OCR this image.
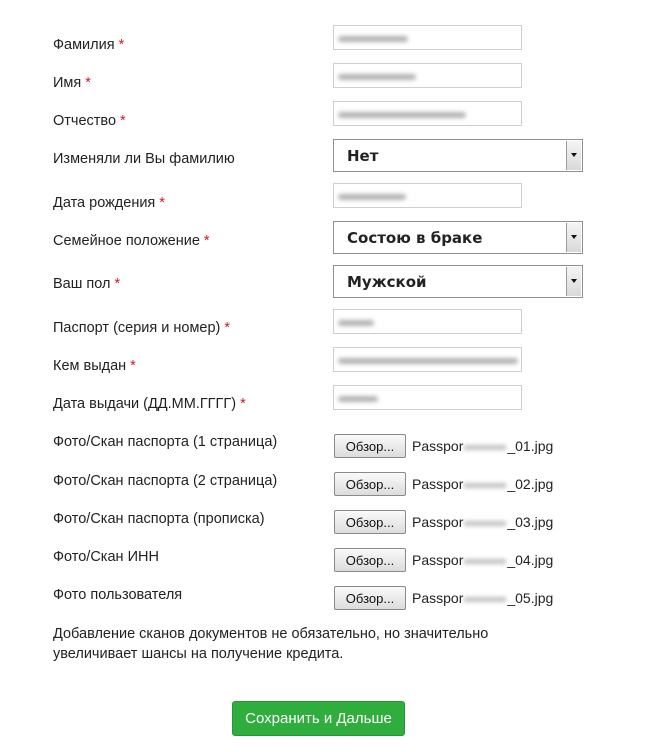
Фамилия *
Имя *
Отчество *
Изменяли ли Вы фамилию	Нет
Дата рождения *
Семейное положение *	Состою в браке
Ваш пол *	Мужской
Паспорт (серия и номер) *
Кем выдан *
Дата выдачи (ДД.ММ.ГГГГ) *
Фото/Скан паспорта (1 страница)	Обзор...	Passpor	_01.jpg
Фото/Скан паспорта (2 страница)	Обзор...	Passpor	_02.jpg
Фото/Скан паспорта (прописка)	Обзор...	Passpor	_03.jpg
Фото/Скан ИНН	Обзор...	Passpor	_04.jpg
Фото пользователя	Обзор...	Passpor	_05.jpg
Добавление сканов документов не обязательно, но значительно увеличивает шансы на получение кредита.
Сохранить и Дальше
